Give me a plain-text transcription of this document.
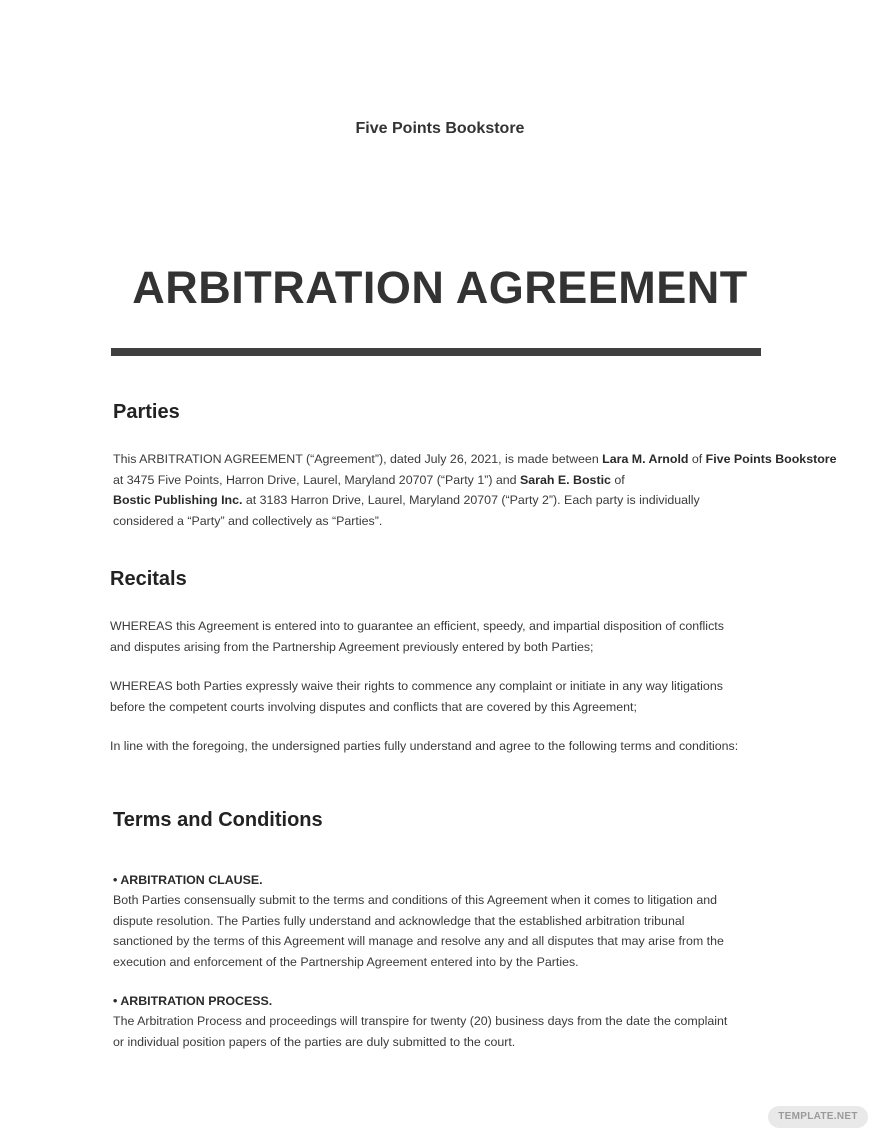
Five Points Bookstore
ARBITRATION AGREEMENT
Parties
This ARBITRATION AGREEMENT (“Agreement”), dated July 26, 2021, is made between Lara M. Arnold of Five Points Bookstore
at 3475 Five Points, Harron Drive, Laurel, Maryland 20707 (“Party 1”) and Sarah E. Bostic of
Bostic Publishing Inc. at 3183 Harron Drive, Laurel, Maryland 20707 (“Party 2”). Each party is individually
considered a “Party” and collectively as “Parties”.
Recitals
WHEREAS this Agreement is entered into to guarantee an efficient, speedy, and impartial disposition of conflicts
and disputes arising from the Partnership Agreement previously entered by both Parties;
WHEREAS both Parties expressly waive their rights to commence any complaint or initiate in any way litigations
before the competent courts involving disputes and conflicts that are covered by this Agreement;
In line with the foregoing, the undersigned parties fully understand and agree to the following terms and conditions:
Terms and Conditions
• ARBITRATION CLAUSE.
Both Parties consensually submit to the terms and conditions of this Agreement when it comes to litigation and
dispute resolution. The Parties fully understand and acknowledge that the established arbitration tribunal
sanctioned by the terms of this Agreement will manage and resolve any and all disputes that may arise from the
execution and enforcement of the Partnership Agreement entered into by the Parties.
• ARBITRATION PROCESS.
The Arbitration Process and proceedings will transpire for twenty (20) business days from the date the complaint
or individual position papers of the parties are duly submitted to the court.
TEMPLATE.NET
